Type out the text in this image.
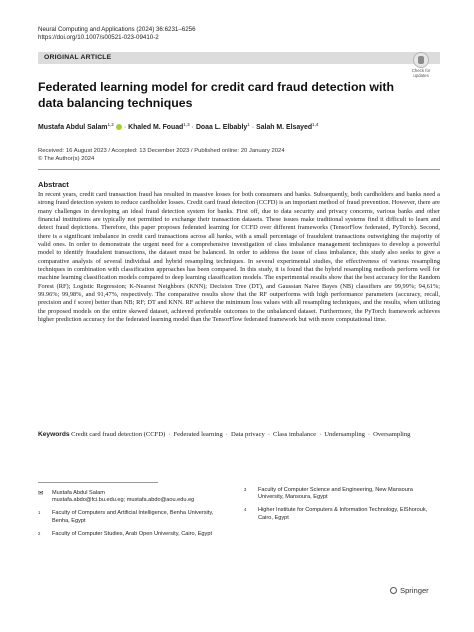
Neural Computing and Applications (2024) 36:6231–6256
https://doi.org/10.1007/s00521-023-09410-2
ORIGINAL ARTICLE
Check for updates
Federated learning model for credit card fraud detection with data balancing techniques
Mustafa Abdul Salam$^{1,2}$ · Khaled M. Fouad$^{1,3}$ · Doaa L. Elbably$^1$ · Salah M. Elsayed$^{1,4}$
Received: 16 August 2023 / Accepted: 13 December 2023 / Published online: 20 January 2024
© The Author(s) 2024
Abstract
In recent years, credit card transaction fraud has resulted in massive losses for both consumers and banks. Subsequently, both cardholders and banks need a strong fraud detection system to reduce cardholder losses. Credit card fraud detection (CCFD) is an important method of fraud prevention. However, there are many challenges in developing an ideal fraud detection system for banks. First off, due to data security and privacy concerns, various banks and other financial institutions are typically not permitted to exchange their transaction datasets. These issues make traditional systems find it difficult to learn and detect fraud depictions. Therefore, this paper proposes federated learning for CCFD over different frameworks (TensorFlow federated, PyTorch). Second, there is a significant imbalance in credit card transactions across all banks, with a small percentage of fraudulent transactions outweighing the majority of valid ones. In order to demonstrate the urgent need for a comprehensive investigation of class imbalance management techniques to develop a powerful model to identify fraudulent transactions, the dataset must be balanced. In order to address the issue of class imbalance, this study also seeks to give a comparative analysis of several individual and hybrid resampling techniques. In several experimental studies, the effectiveness of various resampling techniques in combination with classification approaches has been compared. In this study, it is found that the hybrid resampling methods perform well for machine learning classification models compared to deep learning classification models. The experimental results show that the best accuracy for the Random Forest (RF); Logistic Regression; K-Nearest Neighbors (KNN); Decision Tree (DT), and Gaussian Naive Bayes (NB) classifiers are 99,99%; 94,61%; 99.96%; 99,98%, and 91,47%, respectively. The comparative results show that the RF outperforms with high performance parameters (accuracy, recall, precision and f score) better than NB; RF; DT and KNN. RF achieve the minimum loss values with all resampling techniques, and the results, when utilizing the proposed models on the entire skewed dataset, achieved preferable outcomes to the unbalanced dataset. Furthermore, the PyTorch framework achieves higher prediction accuracy for the federated learning model than the TensorFlow federated framework but with more computational time.
Keywords Credit card fraud detection (CCFD) · Federated learning · Data privacy · Class imbalance · Undersampling · Oversampling
✉ Mustafa Abdul Salam
mustafa.abdo@fci.bu.edu.eg; mustafa.abdo@aou.edu.eg
1 Faculty of Computers and Artificial Intelligence, Benha University, Benha, Egypt
2 Faculty of Computer Studies, Arab Open University, Cairo, Egypt
3 Faculty of Computer Science and Engineering, New Mansoura University, Mansoura, Egypt
4 Higher Institute for Computers & Information Technology, ElShorouk, Cairo, Egypt
Springer
